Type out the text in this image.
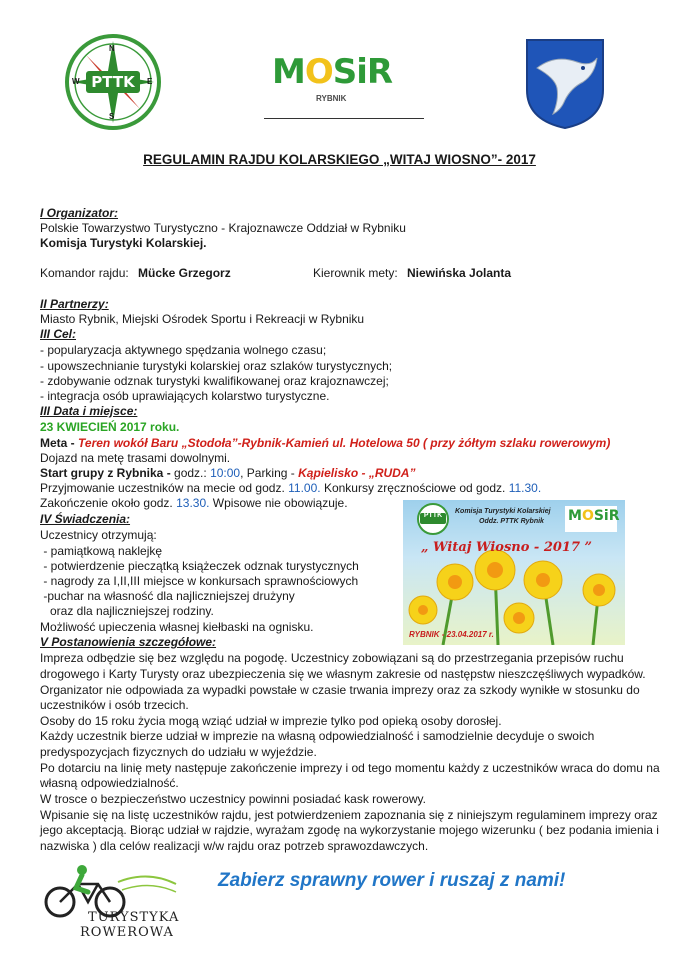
PTTK
N
E
S
W	MOSiR
RYBNIK
REGULAMIN RAJDU KOLARSKIEGO „WITAJ WIOSNO”- 2017
I Organizator:
Polskie Towarzystwo Turystyczno - Krajoznawcze Oddział w Rybniku
Komisja Turystyki Kolarskiej.
Komandor rajdu: Mücke Grzegorz	Kierownik mety: Niewińska Jolanta
II Partnerzy:
Miasto Rybnik, Miejski Ośrodek Sportu i Rekreacji w Rybniku
III Cel:
- popularyzacja aktywnego spędzania wolnego czasu;
- upowszechnianie turystyki kolarskiej oraz szlaków turystycznych;
- zdobywanie odznak turystyki kwalifikowanej oraz krajoznawczej;
- integracja osób uprawiających kolarstwo turystyczne.
III Data i miejsce:
23 KWIECIEŃ 2017 roku.
Meta - Teren wokół Baru „Stodoła”-Rybnik-Kamień ul. Hotelowa 50 ( przy żółtym szlaku rowerowym)
Dojazd na metę trasami dowolnymi.
Start grupy z Rybnika - godz.: 10:00, Parking - Kąpielisko - „RUDA”
Przyjmowanie uczestników na mecie od godz. 11.00. Konkursy zręcznościowe od godz. 11.30.
Zakończenie około godz. 13.30. Wpisowe nie obowiązuje.
IV Świadczenia:
Uczestnicy otrzymują:
- pamiątkową naklejkę
- potwierdzenie pieczątką książeczek odznak turystycznych
- nagrody za I,II,III miejsce w konkursach sprawnościowych
-puchar na własność dla najliczniejszej drużyny
oraz dla najliczniejszej rodziny.
Możliwość upieczenia własnej kiełbaski na ognisku.
PTTK	MOSiR
Komisja Turystyki Kolarskiej
Oddz. PTTK Rybnik
„ Witaj Wiosno - 2017 ”
RYBNIK - 23.04.2017 r.
V Postanowienia szczegółowe:
Impreza odbędzie się bez względu na pogodę. Uczestnicy zobowiązani są do przestrzegania przepisów ruchu
drogowego i Karty Turysty oraz ubezpieczenia się we własnym zakresie od następstw nieszczęśliwych wypadków.
Organizator nie odpowiada za wypadki powstałe w czasie trwania imprezy oraz za szkody wynikłe w stosunku do
uczestników i osób trzecich.
Osoby do 15 roku życia mogą wziąć udział w imprezie tylko pod opieką osoby dorosłej.
Każdy uczestnik bierze udział w imprezie na własną odpowiedzialność i samodzielnie decyduje o swoich
predyspozycjach fizycznych do udziału w wyjeździe.
Po dotarciu na linię mety następuje zakończenie imprezy i od tego momentu każdy z uczestników wraca do domu na
własną odpowiedzialność.
W trosce o bezpieczeństwo uczestnicy powinni posiadać kask rowerowy.
Wpisanie się na listę uczestników rajdu, jest potwierdzeniem zapoznania się z niniejszym regulaminem imprezy oraz
jego akceptacją. Biorąc udział w rajdzie, wyrażam zgodę na wykorzystanie mojego wizerunku ( bez podania imienia i
nazwiska ) dla celów realizacji w/w rajdu oraz potrzeb sprawozdawczych.
TURYSTYKA
ROWEROWA
Zabierz sprawny rower i ruszaj z nami!
